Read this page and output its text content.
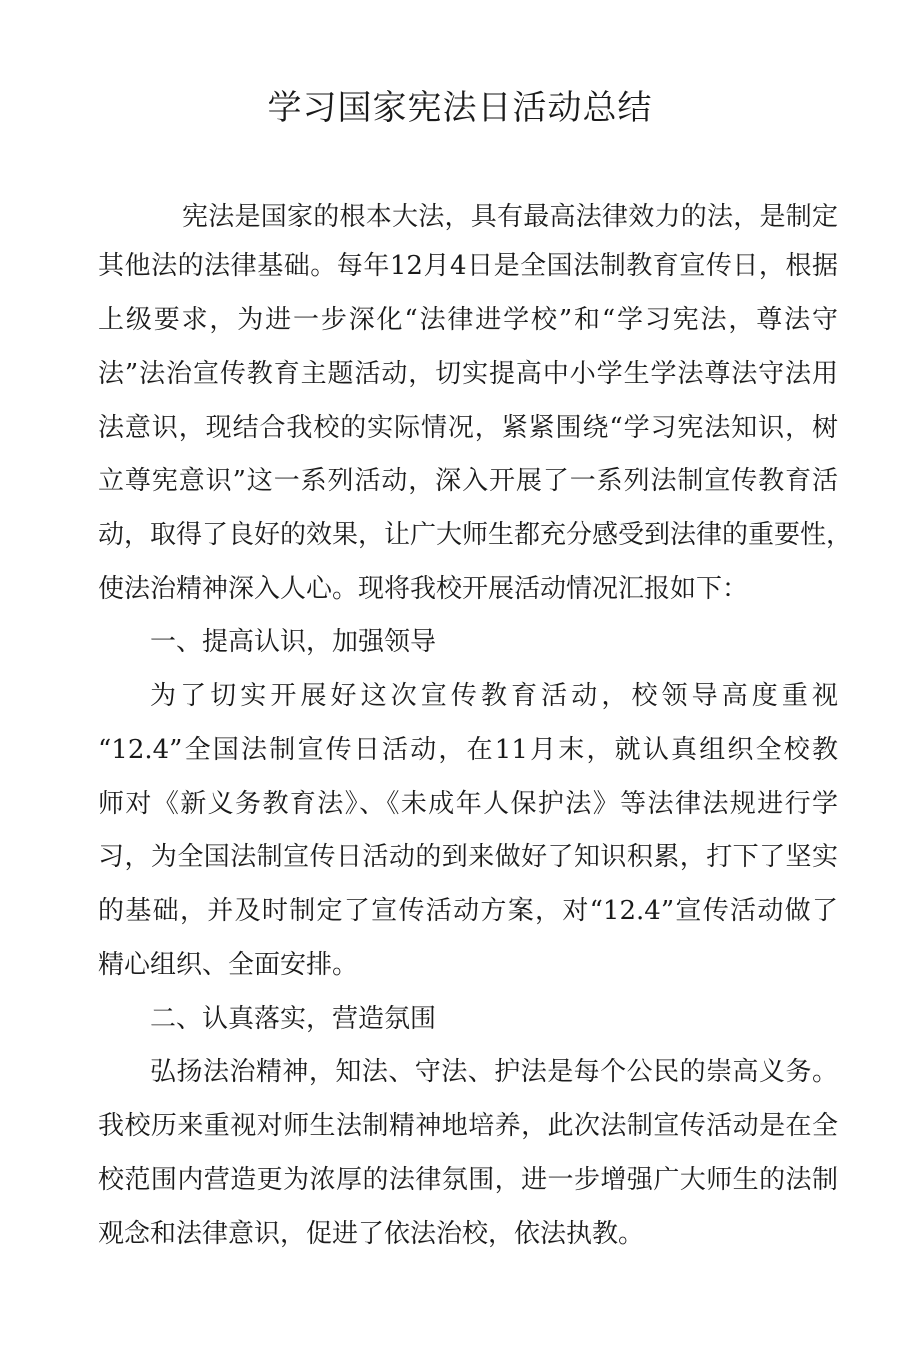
学习国家宪法日活动总结

宪法是国家的根本大法，具有最高法律效力的法，是制定

其他法的法律基础。每年12月4日是全国法制教育宣传日，根据

上级要求，为进一步深化“法律进学校”和“学习宪法，尊法守

法”法治宣传教育主题活动，切实提高中小学生学法尊法守法用

法意识，现结合我校的实际情况，紧紧围绕“学习宪法知识，树

立尊宪意识”这一系列活动，深入开展了一系列法制宣传教育活

动，取得了良好的效果，让广大师生都充分感受到法律的重要性，

使法治精神深入人心。现将我校开展活动情况汇报如下：

一、提高认识，加强领导

为了切实开展好这次宣传教育活动，校领导高度重视

“12.4”全国法制宣传日活动，在11月末，就认真组织全校教

师对《新义务教育法》、《未成年人保护法》等法律法规进行学

习，为全国法制宣传日活动的到来做好了知识积累，打下了坚实

的基础，并及时制定了宣传活动方案，对“12.4”宣传活动做了

精心组织、全面安排。

二、认真落实，营造氛围

弘扬法治精神，知法、守法、护法是每个公民的崇高义务。

我校历来重视对师生法制精神地培养，此次法制宣传活动是在全

校范围内营造更为浓厚的法律氛围，进一步增强广大师生的法制

观念和法律意识，促进了依法治校，依法执教。
